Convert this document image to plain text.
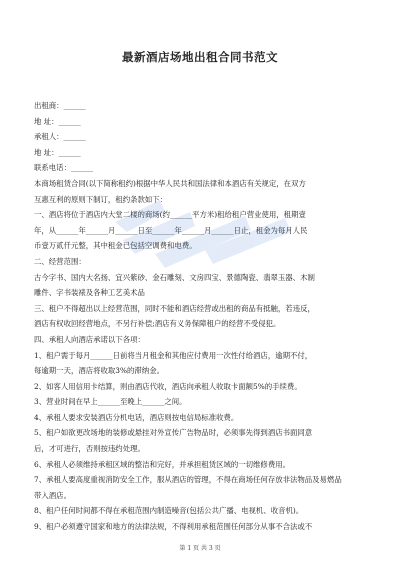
最新酒店场地出租合同书范文
出租商：______
地 址：______
承租人：______
地 址：______
联系电话：______
本商场租赁合同(以下简称租约)根据中华人民共和国法律和本酒店有关规定，在双方
互惠互利的原则下制订，租约条款如下：
一、酒店将位于酒店内大堂二楼的商场(约______平方米)租给租户营业使用，租期壹
年，从______年______月______日至______年______月______日止，租金为每月人民
币壹万贰仟元整，其中租金已包括空调费和电费。
二、经营范围：
古今字书、国内大名扬、宜兴紫砂、金石雕刻、文房四宝、景德陶瓷、翡翠玉器、木制
雕件、字书装裱及各种工艺美术品
三、租户不得超出以上经营范围，同时不能和酒店经营或出租的商品有抵触，若违反，
酒店有权收回经营地点，不另行补偿;酒店有义务保障租户的经营不受侵犯。
四、承租人向酒店承诺以下各项：
1、租户需于每月______日前将当月租金和其他应付费用一次性付给酒店，逾期不付，
每逾期一天，酒店将收取3%的滞纳金。
2、如客人用信用卡结算，则由酒店代收，酒店向承租人收取卡面额5%的手续费。
3、营业时间在早上______至晚上______之间。
4、承租人要求安装酒店分机电话，酒店则按电信局标准收费。
5、租户如欲更改场地的装修或悬挂对外宣传广告物品时，必须事先得到酒店书面同意
后，才可进行，否则按违约处理。
6、承租人必须维持承租区域的整洁和完好，并承担租赁区域的一切维修费用。
7、承租人要高度重视消防安全工作，服从酒店的管理，不得在商场任何存放非法物品及易燃品
带入酒店。
8、租户任何时间都不得在承租范围内制造噪音(包括公共广播、电视机、收音机)。
9、租户必须遵守国家和地方的法律法规，不得利用承租范围任何部分从事不合法或不
第 1 页 共 3 页
